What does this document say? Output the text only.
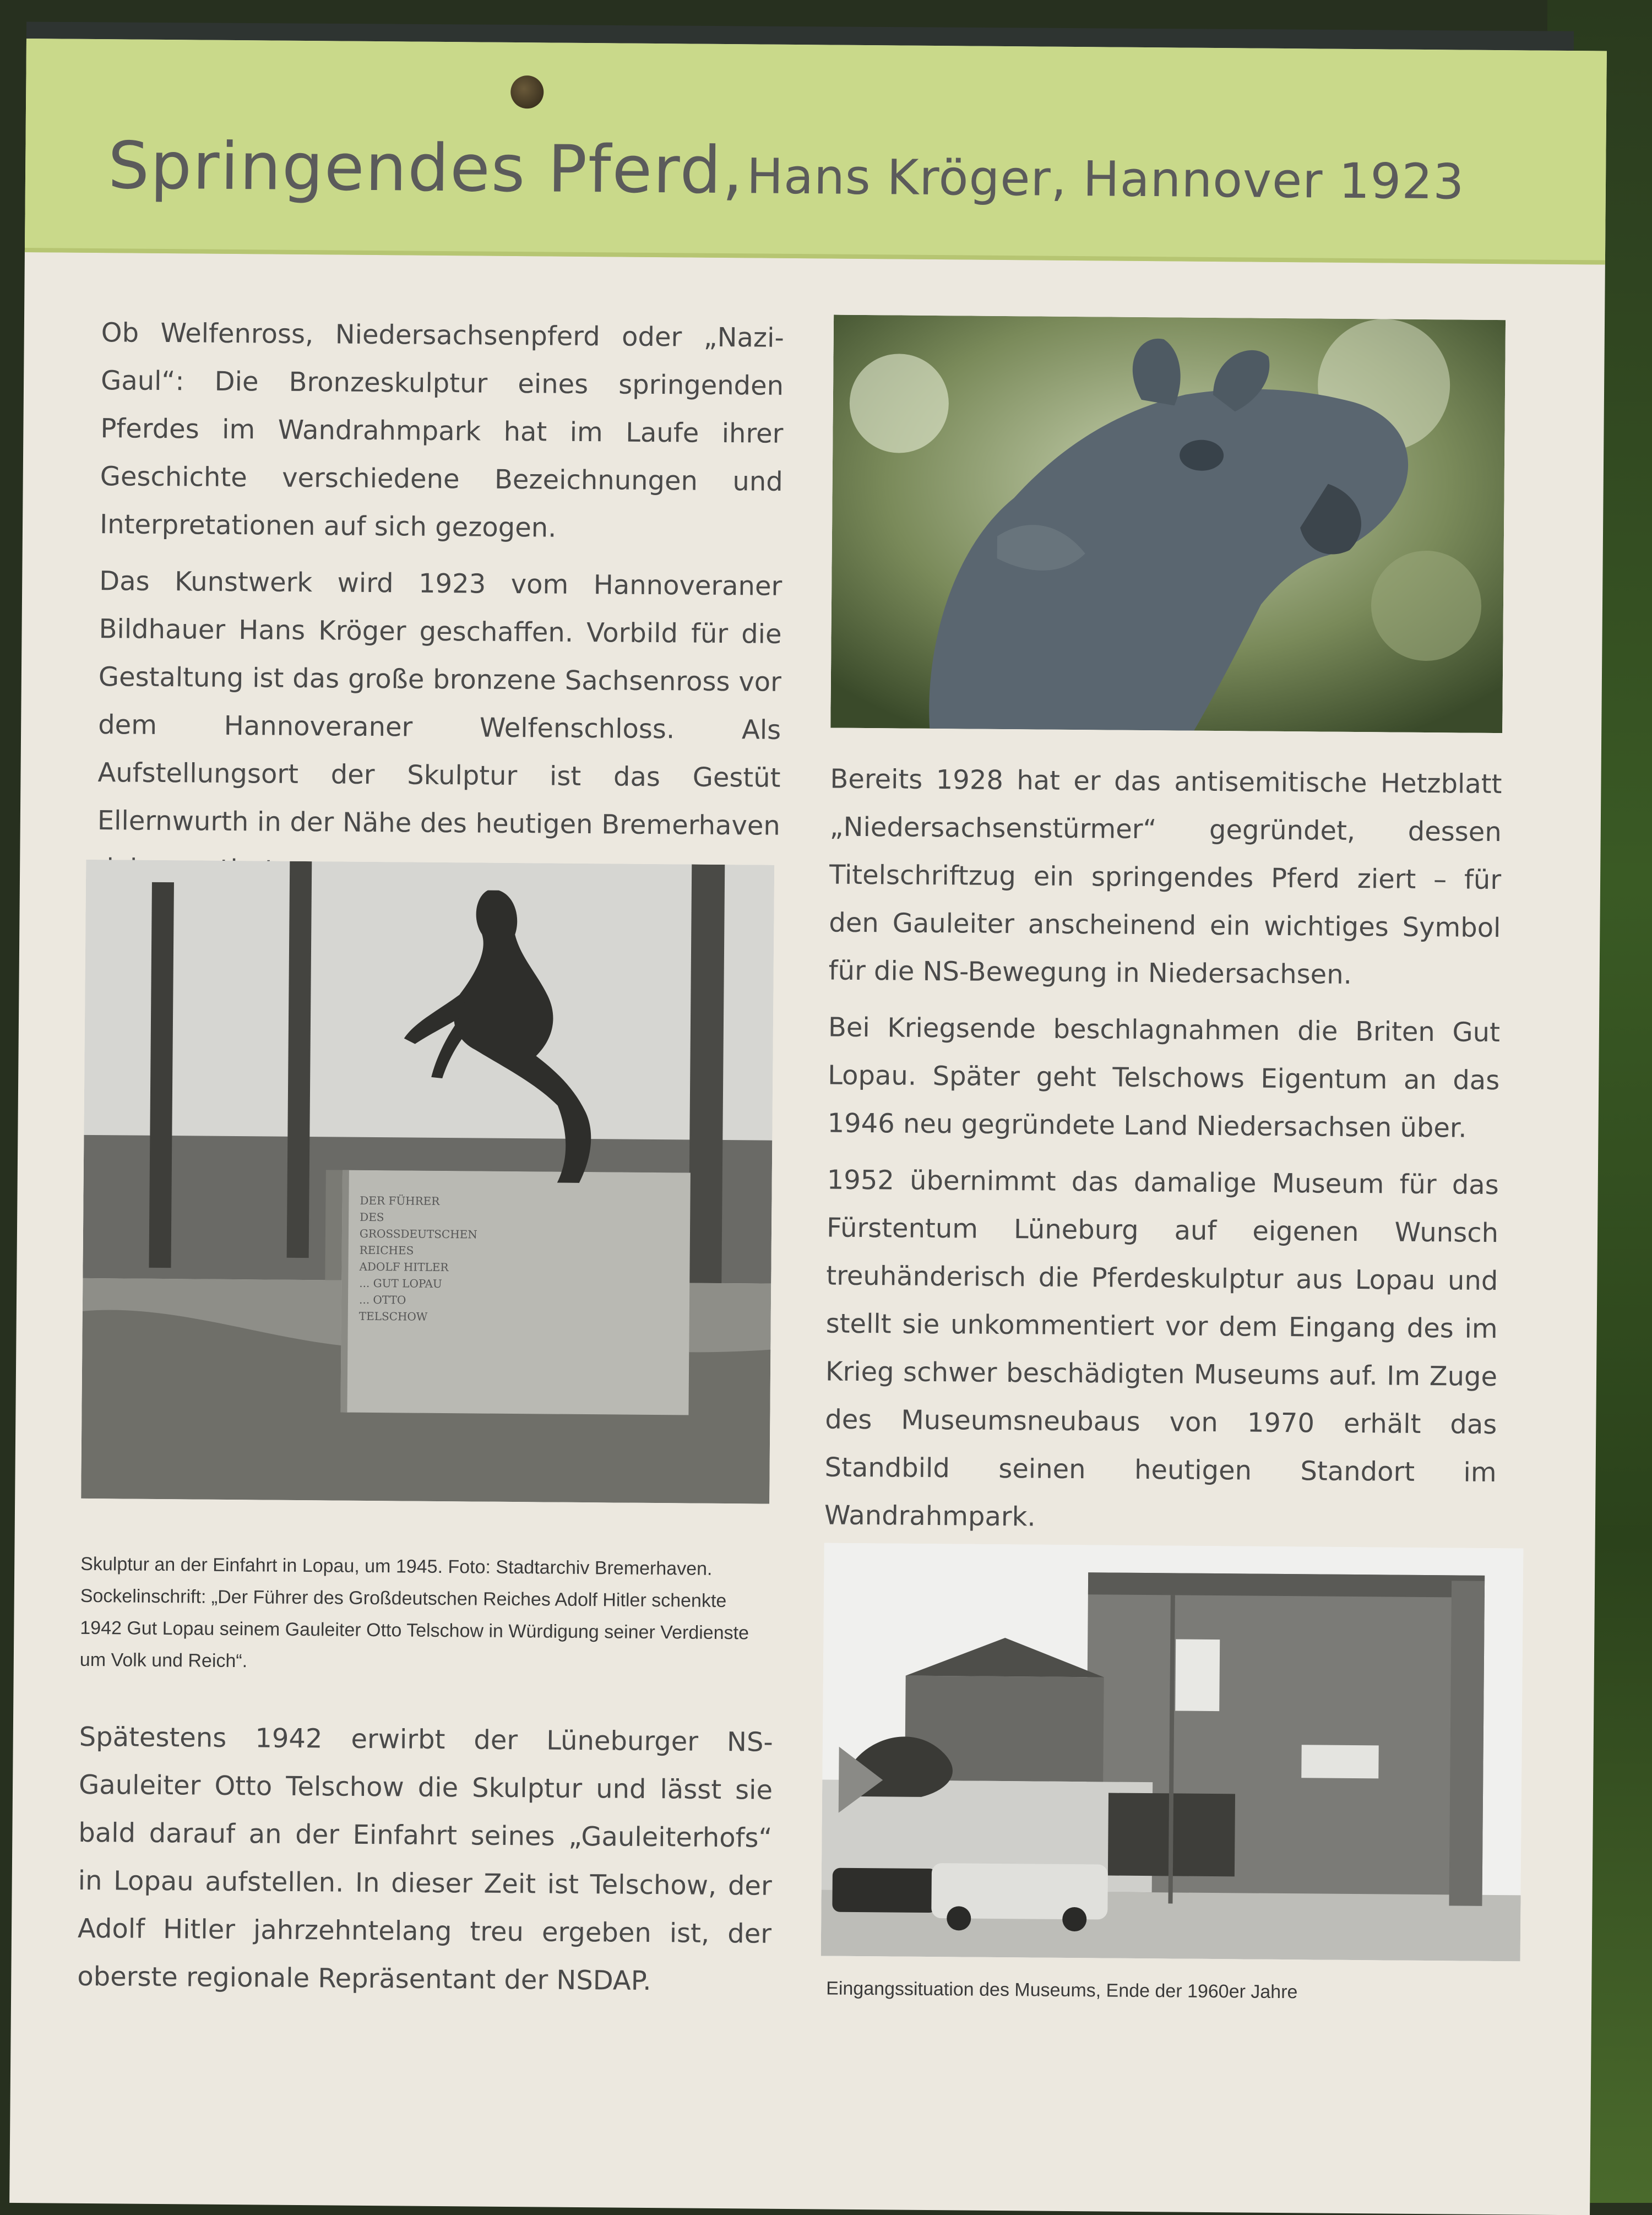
Springendes Pferd, Hans Kröger, Hannover 1923

Ob Welfenross, Niedersachsenpferd oder „Nazi-Gaul“: Die Bronzeskulptur eines springenden Pferdes im Wandrahmpark hat im Laufe ihrer Geschichte verschiedene Bezeichnungen und Interpretationen auf sich gezogen.

Das Kunstwerk wird 1923 vom Hannoveraner Bildhauer Hans Kröger geschaffen. Vorbild für die Gestaltung ist das große bronzene Sachsenross vor dem Hannoveraner Welfenschloss. Als Aufstellungsort der Skulptur ist das Gestüt Ellernwurth in der Nähe des heutigen Bremerhaven

Bereits 1928 hat er das antisemitische Hetzblatt „Niedersachsenstürmer“ gegründet, dessen Titelschriftzug ein springendes Pferd ziert – für den Gauleiter anscheinend ein wichtiges Symbol für die NS-Bewegung in Niedersachsen.

Bei Kriegsende beschlagnahmen die Briten Gut Lopau. Später geht Telschows Eigentum an das 1946 neu gegründete Land Niedersachsen über.

1952 übernimmt das damalige Museum für das Fürstentum Lüneburg auf eigenen Wunsch treuhänderisch die Pferdeskulptur aus Lopau und stellt sie unkommentiert vor dem Eingang des im Krieg schwer beschädigten Museums auf. Im Zuge des Museumsneubaus von 1970 erhält das Standbild seinen heutigen Standort im Wandrahmpark.

DER FÜHRER DES GROSSDEUTSCHEN REICHES ADOLF HITLER ... GUT LOPAU ... OTTO TELSCHOW
Skulptur an der Einfahrt in Lopau, um 1945. Foto: Stadtarchiv Bremerhaven. Sockelinschrift: „Der Führer des Großdeutschen Reiches Adolf Hitler schenkte 1942 Gut Lopau seinem Gauleiter Otto Telschow in Würdigung seiner Verdienste um Volk und Reich“.

Spätestens 1942 erwirbt der Lüneburger NS-Gauleiter Otto Telschow die Skulptur und lässt sie bald darauf an der Einfahrt seines „Gauleiterhofs“ in Lopau aufstellen. In dieser Zeit ist Telschow, der Adolf Hitler jahrzehntelang treu ergeben ist, der oberste regionale Repräsentant der NSDAP.	Eingangssituation des Museums, Ende der 1960er Jahre
